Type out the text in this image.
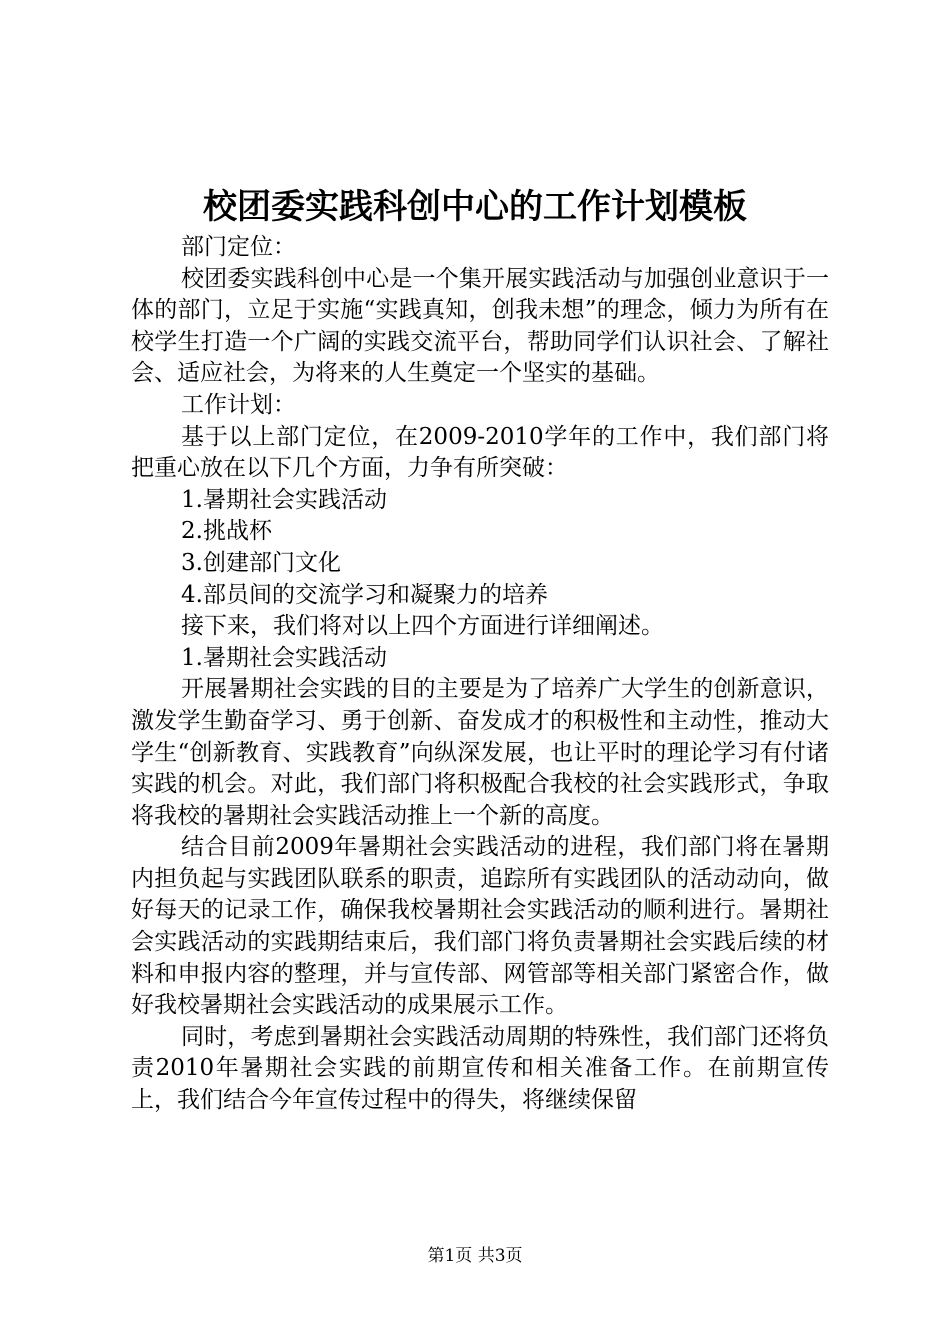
校团委实践科创中心的工作计划模板

部门定位：

校团委实践科创中心是一个集开展实践活动与加强创业意识于一体的部门，立足于实施“实践真知，创我未想”的理念，倾力为所有在校学生打造一个广阔的实践交流平台，帮助同学们认识社会、了解社会、适应社会，为将来的人生奠定一个坚实的基础。

工作计划：

基于以上部门定位，在2009-2010学年的工作中，我们部门将把重心放在以下几个方面，力争有所突破：

1.暑期社会实践活动

2.挑战杯

3.创建部门文化

4.部员间的交流学习和凝聚力的培养

接下来，我们将对以上四个方面进行详细阐述。

1.暑期社会实践活动

开展暑期社会实践的目的主要是为了培养广大学生的创新意识，激发学生勤奋学习、勇于创新、奋发成才的积极性和主动性，推动大学生“创新教育、实践教育”向纵深发展，也让平时的理论学习有付诸实践的机会。对此，我们部门将积极配合我校的社会实践形式，争取将我校的暑期社会实践活动推上一个新的高度。

结合目前2009年暑期社会实践活动的进程，我们部门将在暑期内担负起与实践团队联系的职责，追踪所有实践团队的活动动向，做好每天的记录工作，确保我校暑期社会实践活动的顺利进行。暑期社会实践活动的实践期结束后，我们部门将负责暑期社会实践后续的材料和申报内容的整理，并与宣传部、网管部等相关部门紧密合作，做好我校暑期社会实践活动的成果展示工作。

同时，考虑到暑期社会实践活动周期的特殊性，我们部门还将负责2010年暑期社会实践的前期宣传和相关准备工作。在前期宣传上，我们结合今年宣传过程中的得失，将继续保留

第1页 共3页
